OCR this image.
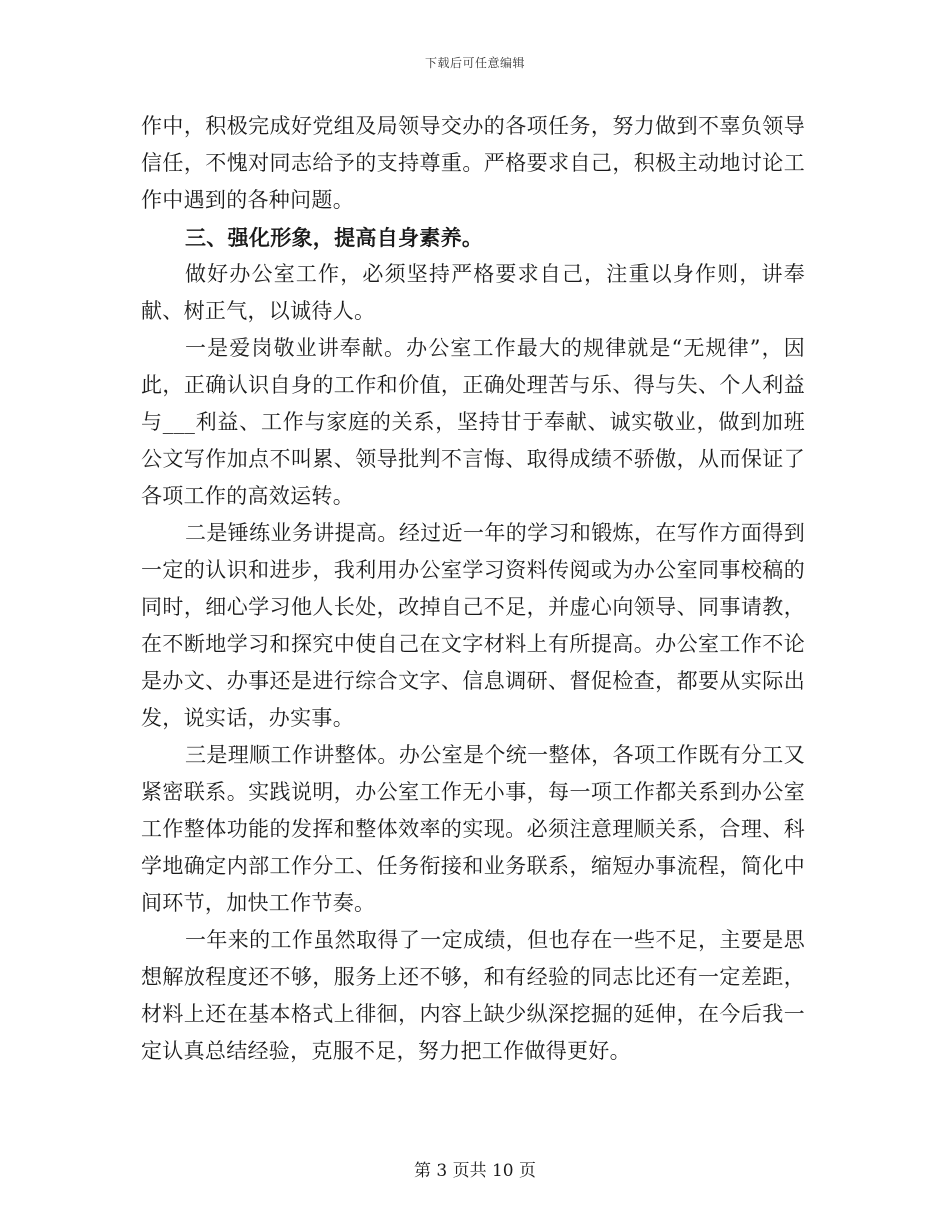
下载后可任意编辑

作中，积极完成好党组及局领导交办的各项任务，努力做到不辜负领导信任，不愧对同志给予的支持尊重。严格要求自己，积极主动地讨论工作中遇到的各种问题。

三、强化形象，提高自身素养。

做好办公室工作，必须坚持严格要求自己，注重以身作则，讲奉献、树正气，以诚待人。

一是爱岗敬业讲奉献。办公室工作最大的规律就是“无规律”，因此，正确认识自身的工作和价值，正确处理苦与乐、得与失、个人利益与___利益、工作与家庭的关系，坚持甘于奉献、诚实敬业，做到加班公文写作加点不叫累、领导批判不言悔、取得成绩不骄傲，从而保证了各项工作的高效运转。

二是锤练业务讲提高。经过近一年的学习和锻炼，在写作方面得到一定的认识和进步，我利用办公室学习资料传阅或为办公室同事校稿的同时，细心学习他人长处，改掉自己不足，并虚心向领导、同事请教，在不断地学习和探究中使自己在文字材料上有所提高。办公室工作不论是办文、办事还是进行综合文字、信息调研、督促检查，都要从实际出发，说实话，办实事。

三是理顺工作讲整体。办公室是个统一整体，各项工作既有分工又紧密联系。实践说明，办公室工作无小事，每一项工作都关系到办公室工作整体功能的发挥和整体效率的实现。必须注意理顺关系，合理、科学地确定内部工作分工、任务衔接和业务联系，缩短办事流程，简化中间环节，加快工作节奏。

一年来的工作虽然取得了一定成绩，但也存在一些不足，主要是思想解放程度还不够，服务上还不够，和有经验的同志比还有一定差距，材料上还在基本格式上徘徊，内容上缺少纵深挖掘的延伸，在今后我一定认真总结经验，克服不足，努力把工作做得更好。

第 3 页共 10 页
